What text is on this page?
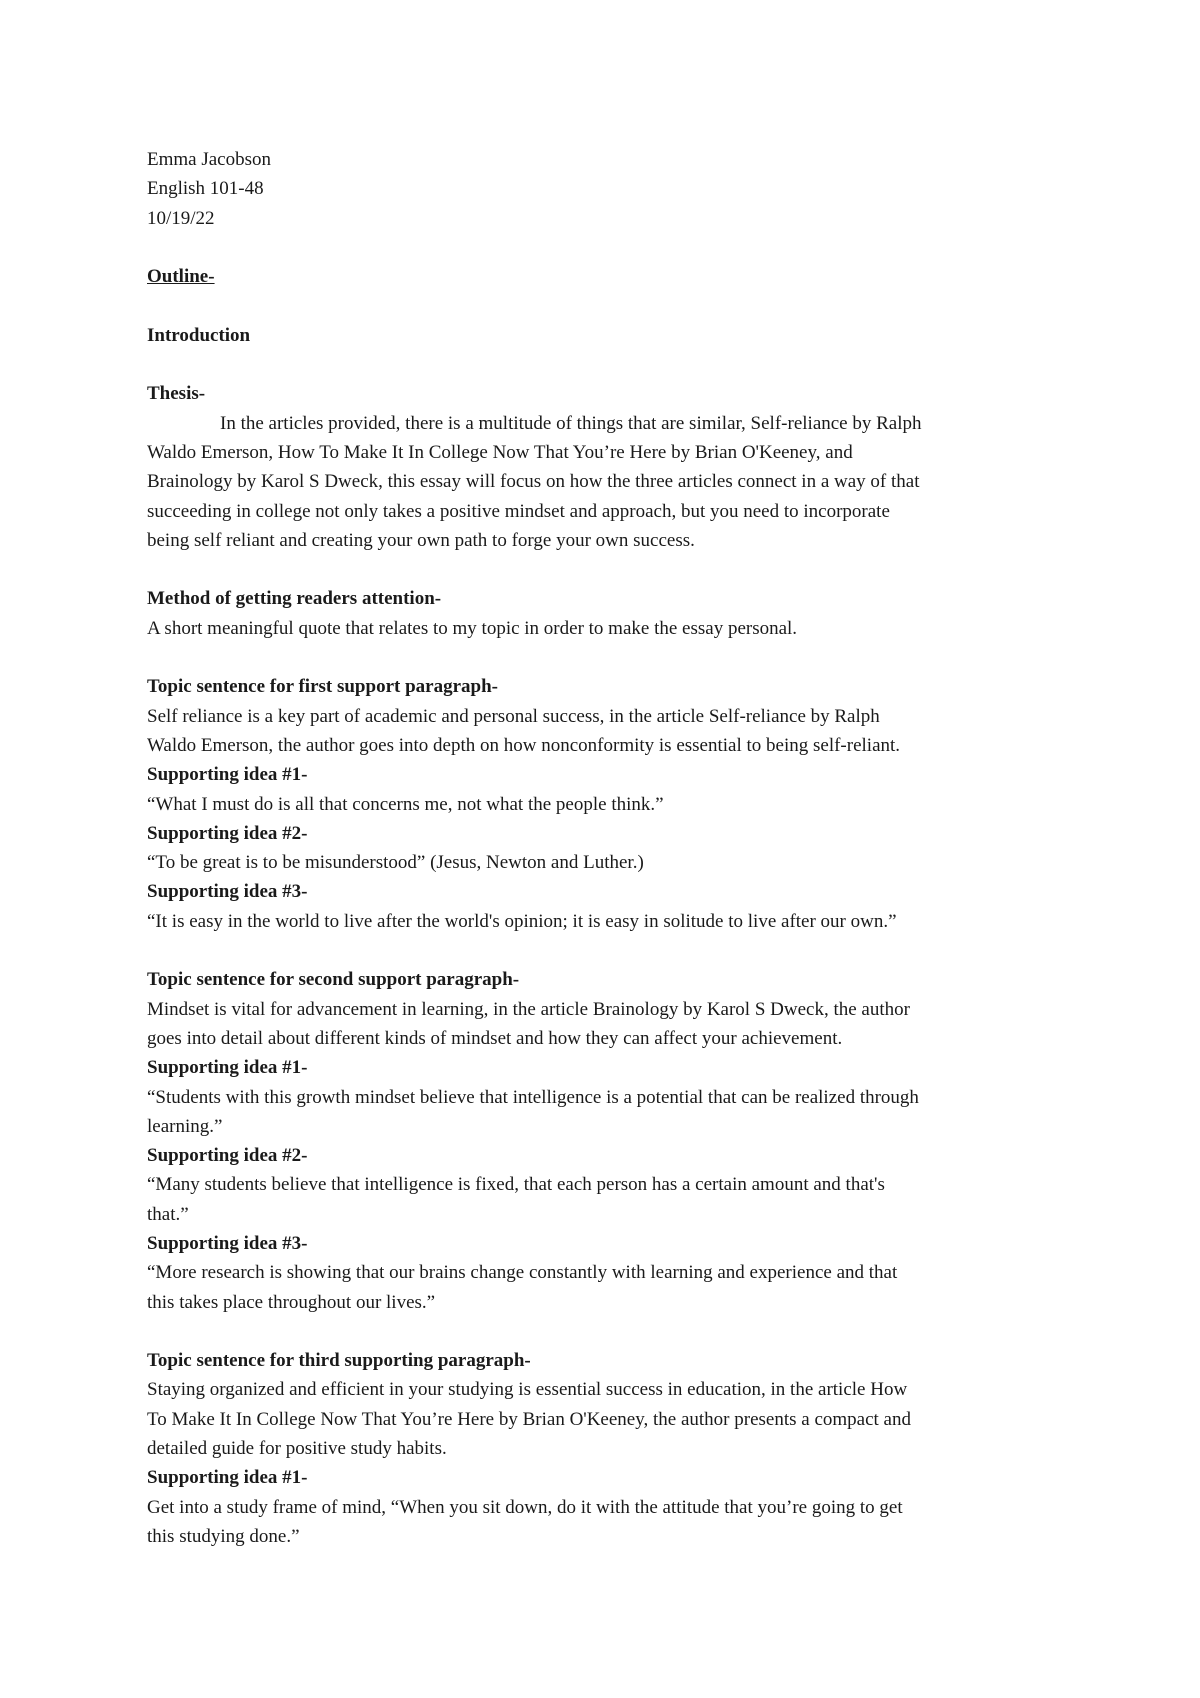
Emma Jacobson
English 101-48
10/19/22
Outline-
Introduction
Thesis-
In the articles provided, there is a multitude of things that are similar, Self-reliance by Ralph
Waldo Emerson, How To Make It In College Now That You’re Here by Brian O'Keeney, and
Brainology by Karol S Dweck, this essay will focus on how the three articles connect in a way of that
succeeding in college not only takes a positive mindset and approach, but you need to incorporate
being self reliant and creating your own path to forge your own success.
Method of getting readers attention-
A short meaningful quote that relates to my topic in order to make the essay personal.
Topic sentence for first support paragraph-
Self reliance is a key part of academic and personal success, in the article Self-reliance by Ralph
Waldo Emerson, the author goes into depth on how nonconformity is essential to being self-reliant.
Supporting idea #1-
“What I must do is all that concerns me, not what the people think.”
Supporting idea #2-
“To be great is to be misunderstood” (Jesus, Newton and Luther.)
Supporting idea #3-
“It is easy in the world to live after the world's opinion; it is easy in solitude to live after our own.”
Topic sentence for second support paragraph-
Mindset is vital for advancement in learning, in the article Brainology by Karol S Dweck, the author
goes into detail about different kinds of mindset and how they can affect your achievement.
Supporting idea #1-
“Students with this growth mindset believe that intelligence is a potential that can be realized through
learning.”
Supporting idea #2-
“Many students believe that intelligence is fixed, that each person has a certain amount and that's
that.”
Supporting idea #3-
“More research is showing that our brains change constantly with learning and experience and that
this takes place throughout our lives.”
Topic sentence for third supporting paragraph-
Staying organized and efficient in your studying is essential success in education, in the article How
To Make It In College Now That You’re Here by Brian O'Keeney, the author presents a compact and
detailed guide for positive study habits.
Supporting idea #1-
Get into a study frame of mind, “When you sit down, do it with the attitude that you’re going to get
this studying done.”
